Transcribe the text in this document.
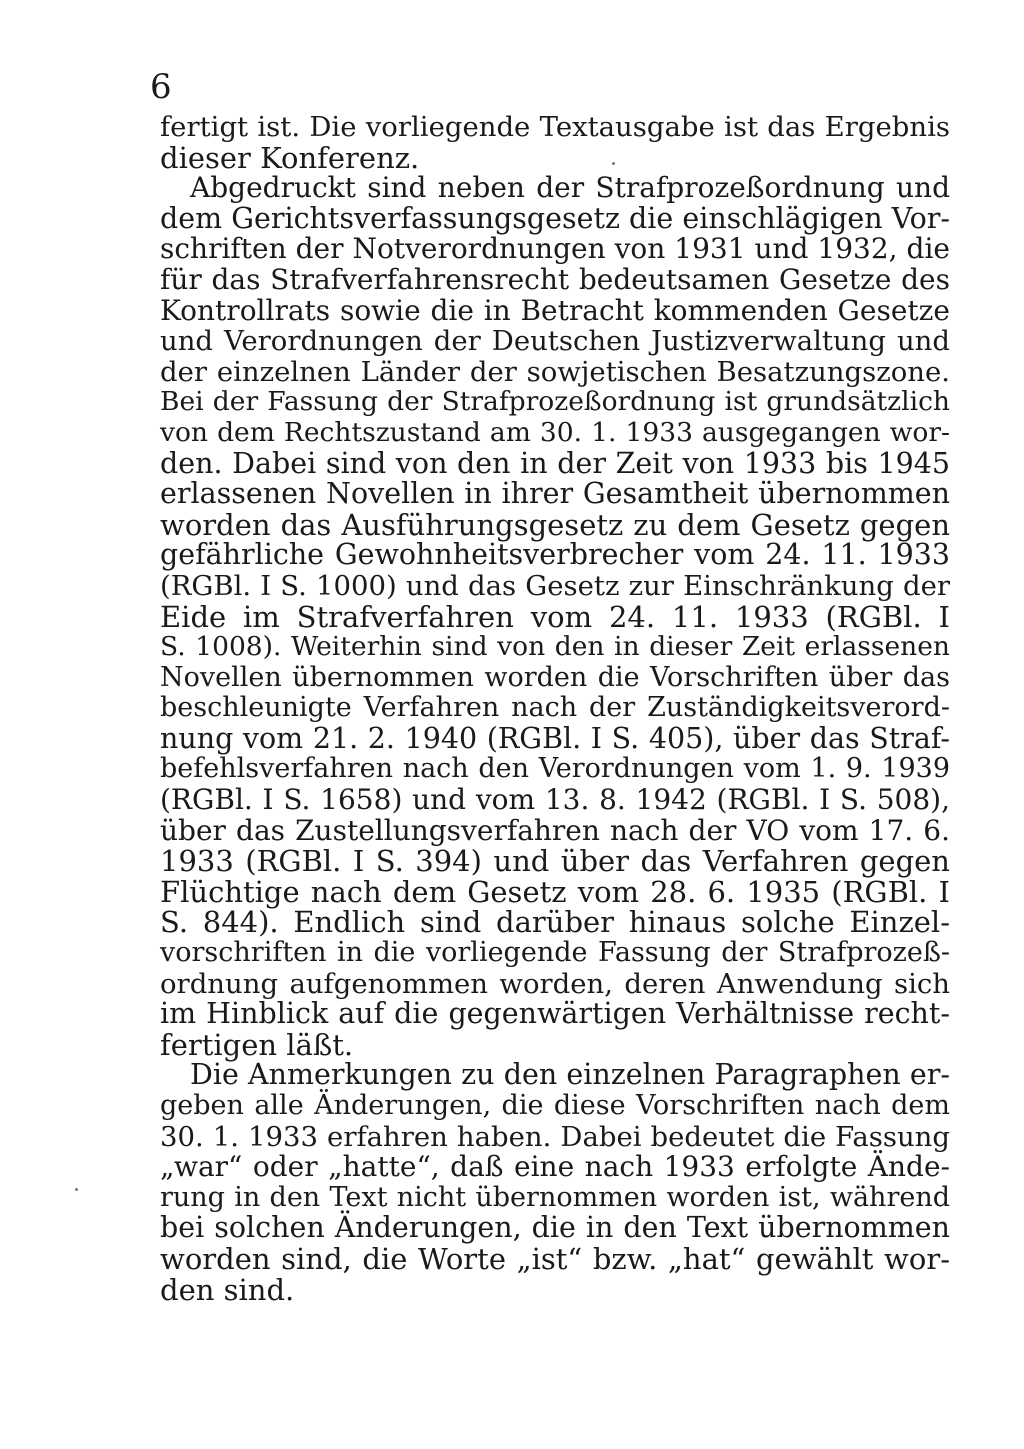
6
fertigt ist. Die vorliegende Textausgabe ist das Ergebnis
dieser Konferenz.
Abgedruckt sind neben der Strafprozeßordnung und
dem Gerichtsverfassungsgesetz die einschlägigen Vor-
schriften der Notverordnungen von 1931 und 1932, die
für das Strafverfahrensrecht bedeutsamen Gesetze des
Kontrollrats sowie die in Betracht kommenden Gesetze
und Verordnungen der Deutschen Justizverwaltung und
der einzelnen Länder der sowjetischen Besatzungszone.
Bei der Fassung der Strafprozeßordnung ist grundsätzlich
von dem Rechtszustand am 30. 1. 1933 ausgegangen wor-
den. Dabei sind von den in der Zeit von 1933 bis 1945
erlassenen Novellen in ihrer Gesamtheit übernommen
worden das Ausführungsgesetz zu dem Gesetz gegen
gefährliche Gewohnheitsverbrecher vom 24. 11. 1933
(RGBl. I S. 1000) und das Gesetz zur Einschränkung der
Eide im Strafverfahren vom 24. 11. 1933 (RGBl. I
S. 1008). Weiterhin sind von den in dieser Zeit erlassenen
Novellen übernommen worden die Vorschriften über das
beschleunigte Verfahren nach der Zuständigkeitsverord-
nung vom 21. 2. 1940 (RGBl. I S. 405), über das Straf-
befehlsverfahren nach den Verordnungen vom 1. 9. 1939
(RGBl. I S. 1658) und vom 13. 8. 1942 (RGBl. I S. 508),
über das Zustellungsverfahren nach der VO vom 17. 6.
1933 (RGBl. I S. 394) und über das Verfahren gegen
Flüchtige nach dem Gesetz vom 28. 6. 1935 (RGBl. I
S. 844). Endlich sind darüber hinaus solche Einzel-
vorschriften in die vorliegende Fassung der Strafprozeß-
ordnung aufgenommen worden, deren Anwendung sich
im Hinblick auf die gegenwärtigen Verhältnisse recht-
fertigen läßt.
Die Anmerkungen zu den einzelnen Paragraphen er-
geben alle Änderungen, die diese Vorschriften nach dem
30. 1. 1933 erfahren haben. Dabei bedeutet die Fassung
„war“ oder „hatte“, daß eine nach 1933 erfolgte Ände-
rung in den Text nicht übernommen worden ist, während
bei solchen Änderungen, die in den Text übernommen
worden sind, die Worte „ist“ bzw. „hat“ gewählt wor-
den sind.
